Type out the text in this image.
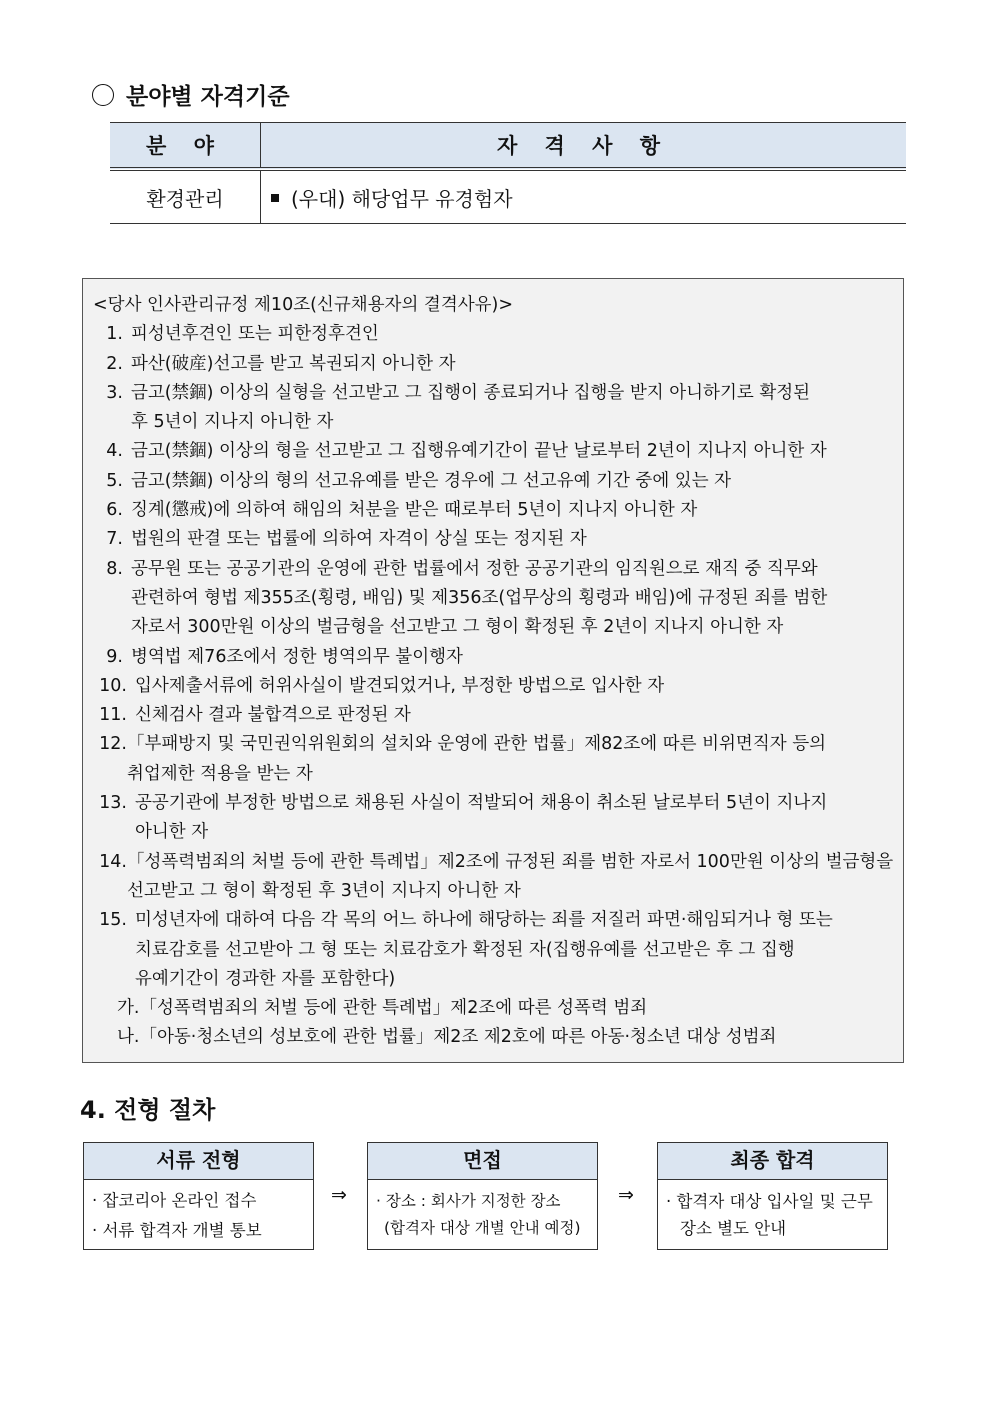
분야별 자격기준
분 야	자 격 사 항
환경관리	(우대) 해당업무 유경험자
<당사 인사관리규정 제10조(신규채용자의 결격사유)>
1. 피성년후견인 또는 피한정후견인
2. 파산(破産)선고를 받고 복권되지 아니한 자
3. 금고(禁錮) 이상의 실형을 선고받고 그 집행이 종료되거나 집행을 받지 아니하기로 확정된
후 5년이 지나지 아니한 자
4. 금고(禁錮) 이상의 형을 선고받고 그 집행유예기간이 끝난 날로부터 2년이 지나지 아니한 자
5. 금고(禁錮) 이상의 형의 선고유예를 받은 경우에 그 선고유예 기간 중에 있는 자
6. 징계(懲戒)에 의하여 해임의 처분을 받은 때로부터 5년이 지나지 아니한 자
7. 법원의 판결 또는 법률에 의하여 자격이 상실 또는 정지된 자
8. 공무원 또는 공공기관의 운영에 관한 법률에서 정한 공공기관의 임직원으로 재직 중 직무와
관련하여 형법 제355조(횡령, 배임) 및 제356조(업무상의 횡령과 배임)에 규정된 죄를 범한
자로서 300만원 이상의 벌금형을 선고받고 그 형이 확정된 후 2년이 지나지 아니한 자
9. 병역법 제76조에서 정한 병역의무 불이행자
10. 입사제출서류에 허위사실이 발견되었거나, 부정한 방법으로 입사한 자
11. 신체검사 결과 불합격으로 판정된 자
12. 「부패방지 및 국민권익위원회의 설치와 운영에 관한 법률」제82조에 따른 비위면직자 등의
취업제한 적용을 받는 자
13. 공공기관에 부정한 방법으로 채용된 사실이 적발되어 채용이 취소된 날로부터 5년이 지나지
아니한 자
14. 「성폭력범죄의 처벌 등에 관한 특례법」제2조에 규정된 죄를 범한 자로서 100만원 이상의 벌금형을
선고받고 그 형이 확정된 후 3년이 지나지 아니한 자
15. 미성년자에 대하여 다음 각 목의 어느 하나에 해당하는 죄를 저질러 파면·해임되거나 형 또는
치료감호를 선고받아 그 형 또는 치료감호가 확정된 자(집행유예를 선고받은 후 그 집행
유예기간이 경과한 자를 포함한다)
가.「성폭력범죄의 처벌 등에 관한 특례법」제2조에 따른 성폭력 범죄
나.「아동·청소년의 성보호에 관한 법률」제2조 제2호에 따른 아동·청소년 대상 성범죄
4. 전형 절차
서류 전형
· 잡코리아 온라인 접수
· 서류 합격자 개별 통보
⇒
면접
· 장소 : 회사가 지정한 장소
(합격자 대상 개별 안내 예정)
⇒
최종 합격
· 합격자 대상 입사일 및 근무
장소 별도 안내
